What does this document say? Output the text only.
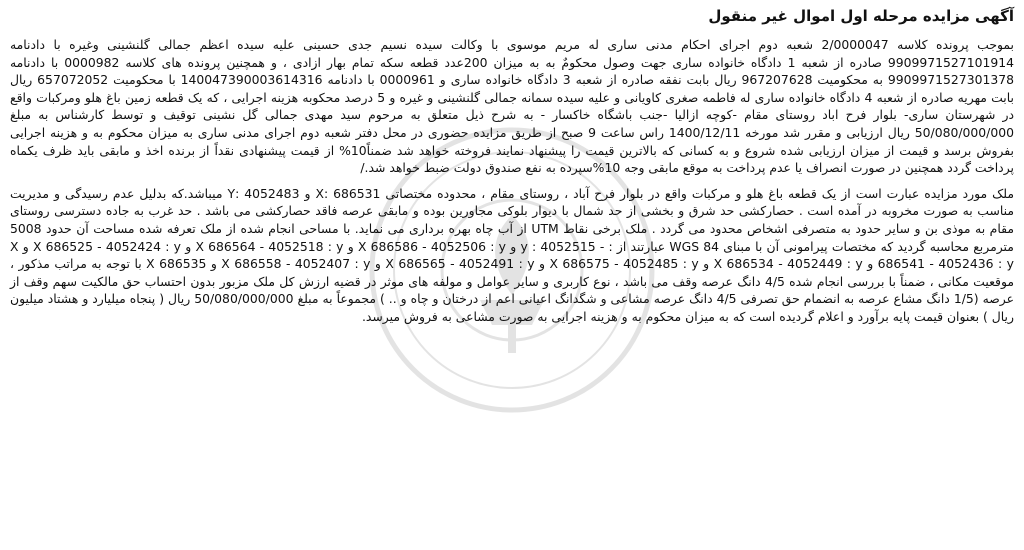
آگهی مزایده مرحله اول اموال غیر منقول

بموجب پرونده کلاسه 2/0000047 شعبه دوم اجرای احکام مدنی ساری له مریم موسوی با وکالت سیده نسیم جدی حسینی علیه سیده اعظم جمالی گلنشینی وغیره با دادنامه 9909971527101914 صادره از شعبه 1 دادگاه خانواده ساری جهت وصول محکومٌ به به میزان 200عدد قطعه سکه تمام بهار ازادی ، و همچنین پرونده های کلاسه 0000982 با دادنامه 9909971527301378 به محکومیت 967207628 ریال بابت نفقه صادره از شعبه 3 دادگاه خانواده ساری و 0000961 با دادنامه 140047390003614316 با محکومیت 657072052 ریال بابت مهریه صادره از شعبه 4 دادگاه خانواده ساری له فاطمه صغری کاویانی و علیه سیده سمانه جمالی گلنشینی و غیره و 5 درصد محکوبه هزینه اجرایی ، که یک قطعه زمین باغ هلو ومرکبات واقع در شهرستان ساری- بلوار فرح اباد روستای مقام -کوچه ازالیا -جنب باشگاه خاکسار - به شرح ذیل متعلق به مرحوم سید مهدی جمالی گل نشینی توقیف و توسط کارشناس به مبلغ 50/080/000/000 ریال ارزیابی و مقرر شد مورخه 1400/12/11 راس ساعت 9 صبح از طریق مزایده حضوری در محل دفتر شعبه دوم اجرای مدنی ساری به میزان محکوم به و هزینه اجرایی بفروش برسد و قیمت از میزان ارزیابی شده شروع و به کسانی که بالاترین قیمت را پیشنهاد نمایند فروخته خواهد شد ضمناً10% از قیمت پیشنهادی نقداً از برنده اخذ و مابقی باید ظرف یکماه پرداخت گردد همچنین در صورت انصراف یا عدم پرداخت به موقع مابقی وجه 10%سپرده به نفع صندوق دولت ضبط خواهد شد./

ملک مورد مزایده عبارت است از یک قطعه باغ هلو و مرکبات واقع در بلوار فرح آباد ، روستای مقام ، محدوده مختصاتی 686531 :X و 4052483 :Y میباشد.که بدلیل عدم رسیدگی و مدیریت مناسب به صورت مخروبه در آمده است . حصارکشی حد شرق و بخشی از حد شمال با دیوار بلوکی مجاورین بوده و مابقی عرصه فاقد حصارکشی می باشد . حد غرب به جاده دسترسی روستای مقام به موذی بن و سایر حدود به متصرفی اشخاص محدود می گردد . ملک برخی نقاط UTM از آب چاه بهره برداری می نماید. با مساحی انجام شده از ملک تعرفه شده مساحت آن حدود 5008 مترمربع محاسبه گردید که مختصات پیرامونی آن با مبنای WGS 84 عبارتند از : - 4052515 : y و X 686586 - 4052506 : y و X 686564 - 4052518 : y و X 686525 - 4052424 : y و X 686541 - 4052436 : y و X 686534 - 4052449 : y و X 686575 - 4052485 : y و X 686565 - 4052491 : y و X 686558 - 4052407 : y و X 686535 با توجه به مراتب مذکور ، موقعیت مکانی ، ضمناً با بررسی انجام شده 4/5 دانگ عرصه وقف می باشد ، نوع کاربری و سایر عوامل و مولفه های موثر در قضیه ارزش کل ملک مزبور بدون احتساب حق مالکیت سهم وقف از عرصه (1/5 دانگ مشاع عرصه به انضمام حق تصرفی 4/5 دانگ عرصه مشاعی و شگدانگ اعیانی اعم از درختان و چاه و .. ) مجموعاً به مبلغ 50/080/000/000 ریال ( پنجاه میلیارد و هشتاد میلیون ریال ) بعنوان قیمت پایه برآورد و اعلام گردیده است که به میزان محکوم به و هزینه اجرایی به صورت مشاعی به فروش میرسد.
